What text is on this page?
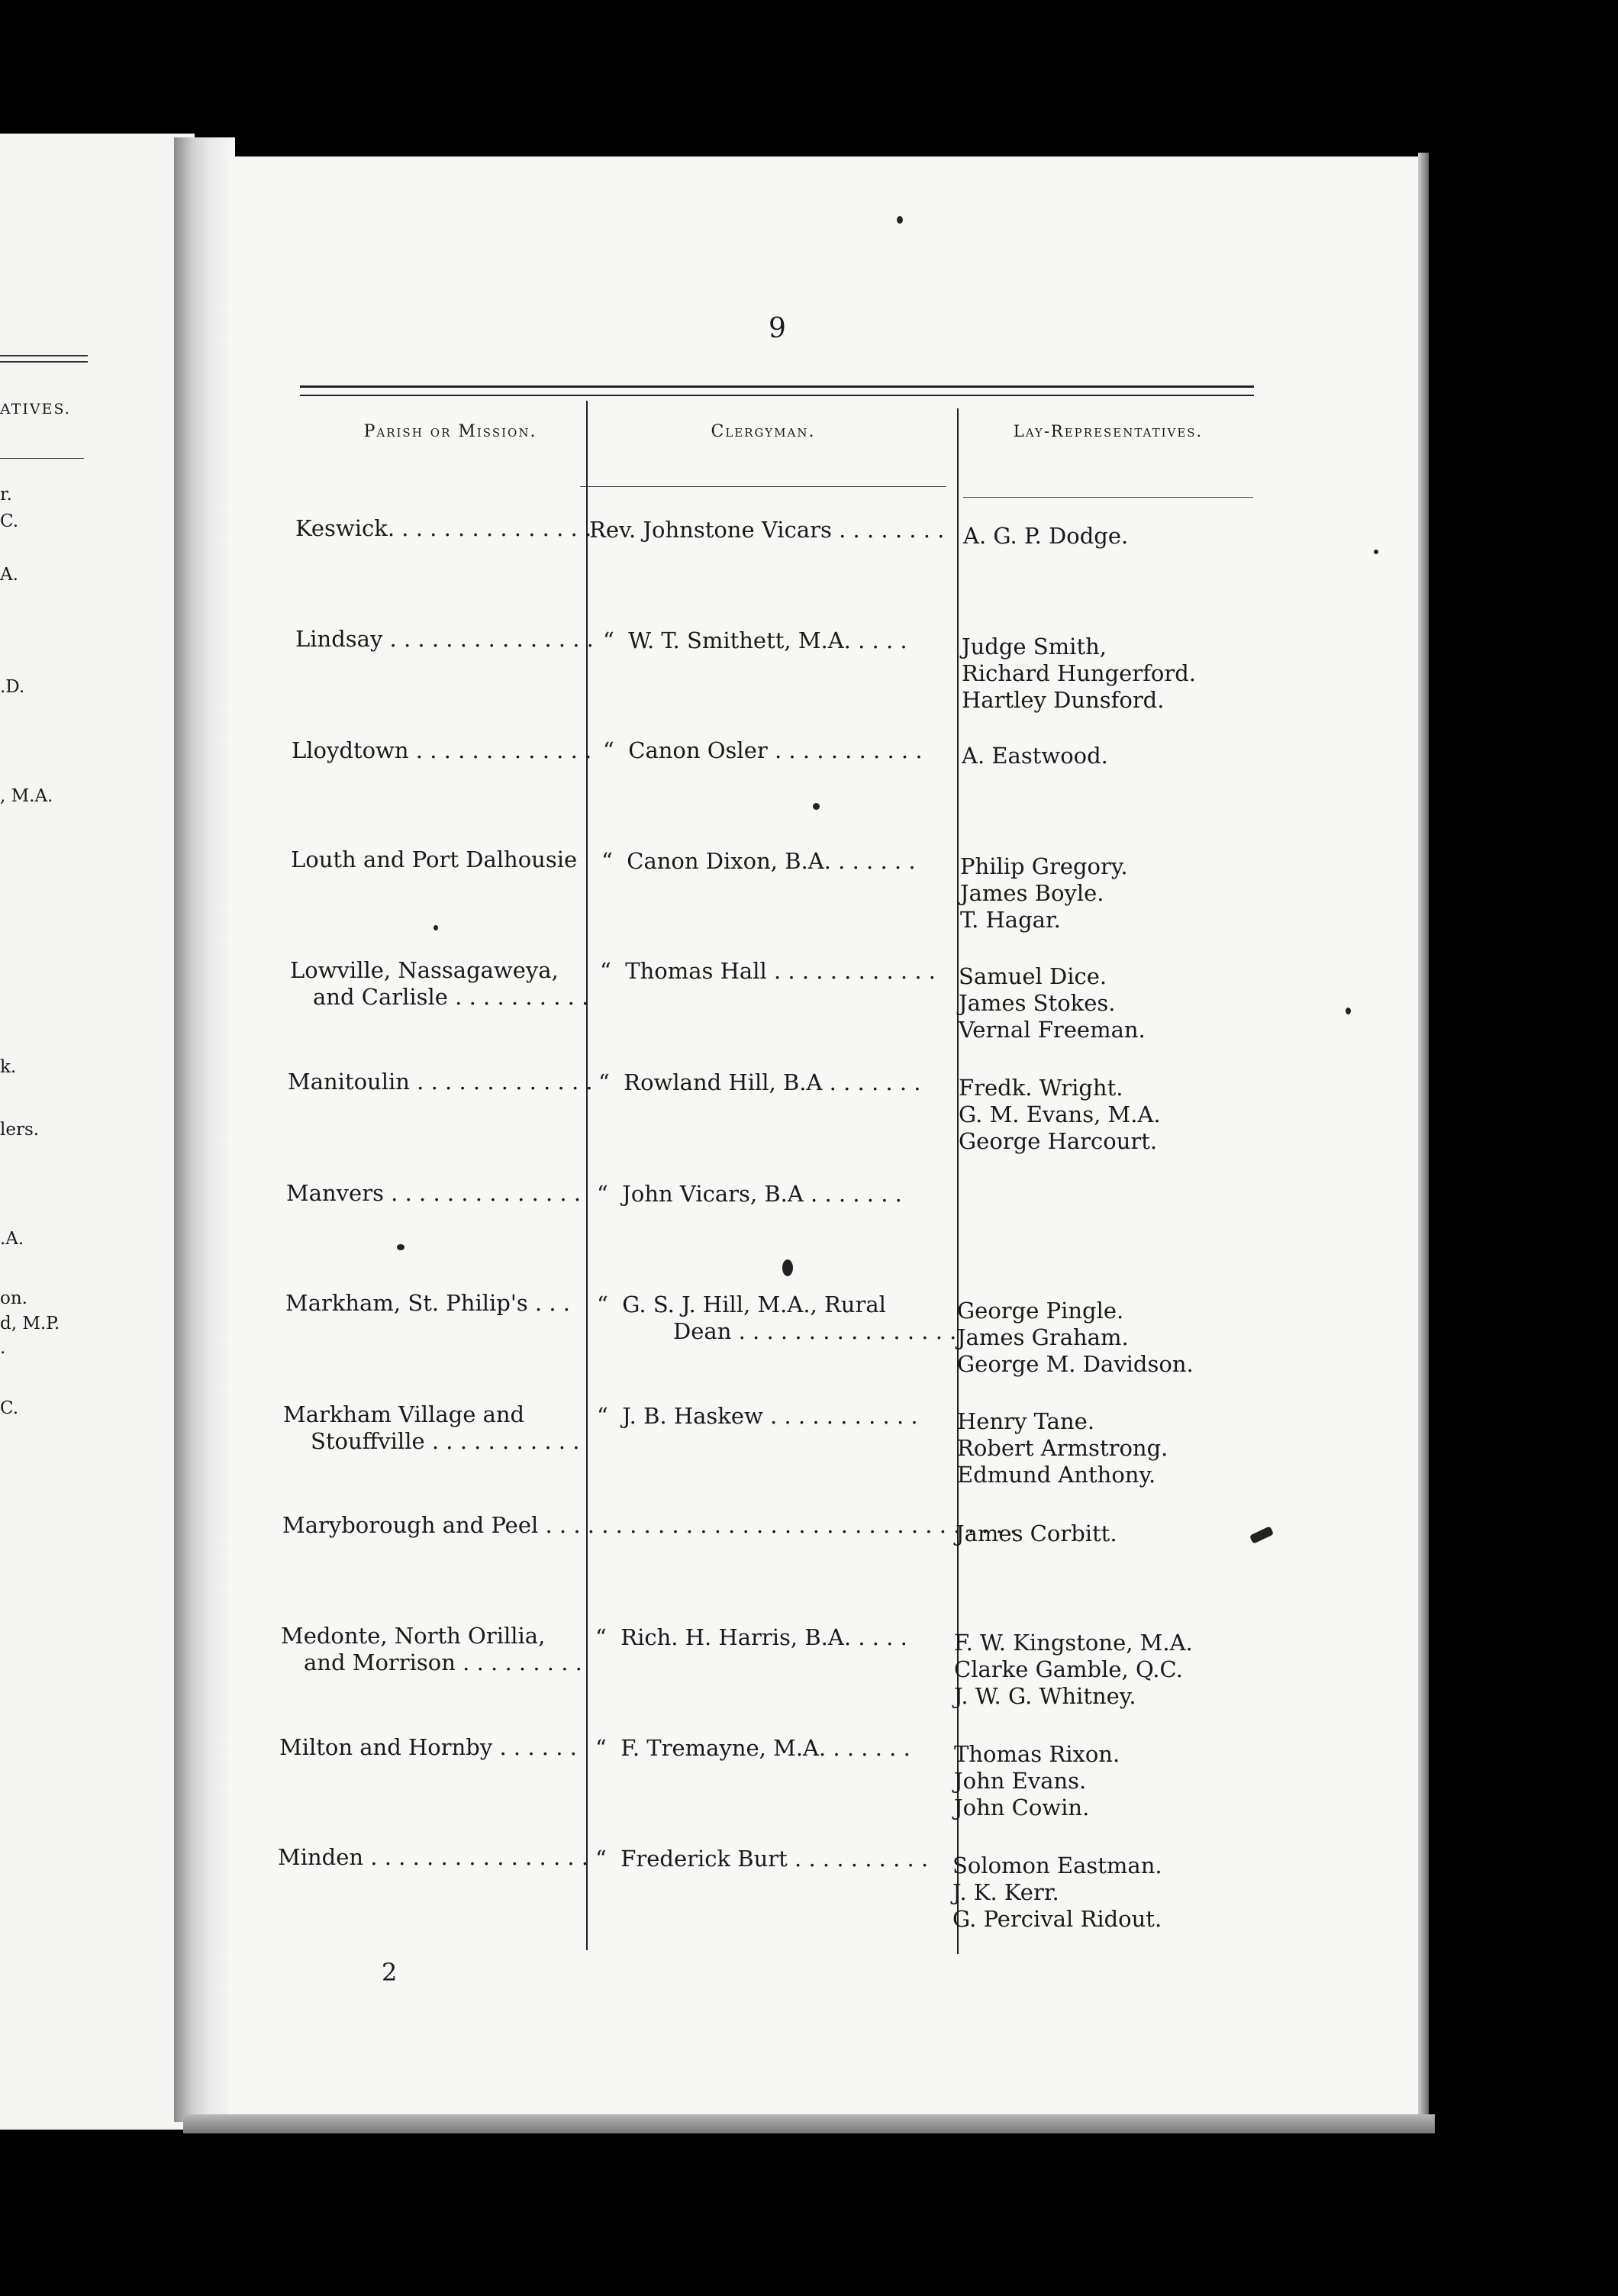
ATIVES.
r.
C.
A.
.D.
, M.A.
k.
lers.
.A.
on.
d, M.P.
.
C.
9
Parish or Mission.	Clergyman.	Lay-Representatives.
Keswick. . . . . . . . . . . . . . . .
Lindsay . . . . . . . . . . . . . . .
Lloydtown . . . . . . . . . . . . .
Louth and Port Dalhousie
Lowville, Nassagaweya,
and Carlisle . . . . . . . . . .
Manitoulin . . . . . . . . . . . . .
Manvers . . . . . . . . . . . . . .
Markham, St. Philip's . . .
Markham Village and
Stouffville . . . . . . . . . . .
Maryborough and Peel . . . . . . . . . . . . . . . . . . . . . . . . . . . . . . . . . .
Medonte, North Orillia,
and Morrison . . . . . . . . .
Milton and Hornby . . . . . .
Minden . . . . . . . . . . . . . . . .
Rev. Johnstone Vicars . . . . . . . .
“  W. T. Smithett, M.A. . . . .
“  Canon Osler . . . . . . . . . . .
“  Canon Dixon, B.A. . . . . . .
“  Thomas Hall . . . . . . . . . . . .
“  Rowland Hill, B.A . . . . . . .
“  John Vicars, B.A . . . . . . .
“  G. S. J. Hill, M.A., Rural
Dean . . . . . . . . . . . . . . . .
“  J. B. Haskew . . . . . . . . . . .
“  Rich. H. Harris, B.A. . . . .
“  F. Tremayne, M.A. . . . . . .
“  Frederick Burt . . . . . . . . . .
A. G. P. Dodge.
Judge Smith,
Richard Hungerford.
Hartley Dunsford.
A. Eastwood.
Philip Gregory.
James Boyle.
T. Hagar.
Samuel Dice.
James Stokes.
Vernal Freeman.
Fredk. Wright.
G. M. Evans, M.A.
George Harcourt.
George Pingle.
James Graham.
George M. Davidson.
Henry Tane.
Robert Armstrong.
Edmund Anthony.
James Corbitt.
F. W. Kingstone, M.A.
Clarke Gamble, Q.C.
J. W. G. Whitney.
Thomas Rixon.
John Evans.
John Cowin.
Solomon Eastman.
J. K. Kerr.
G. Percival Ridout.
2
